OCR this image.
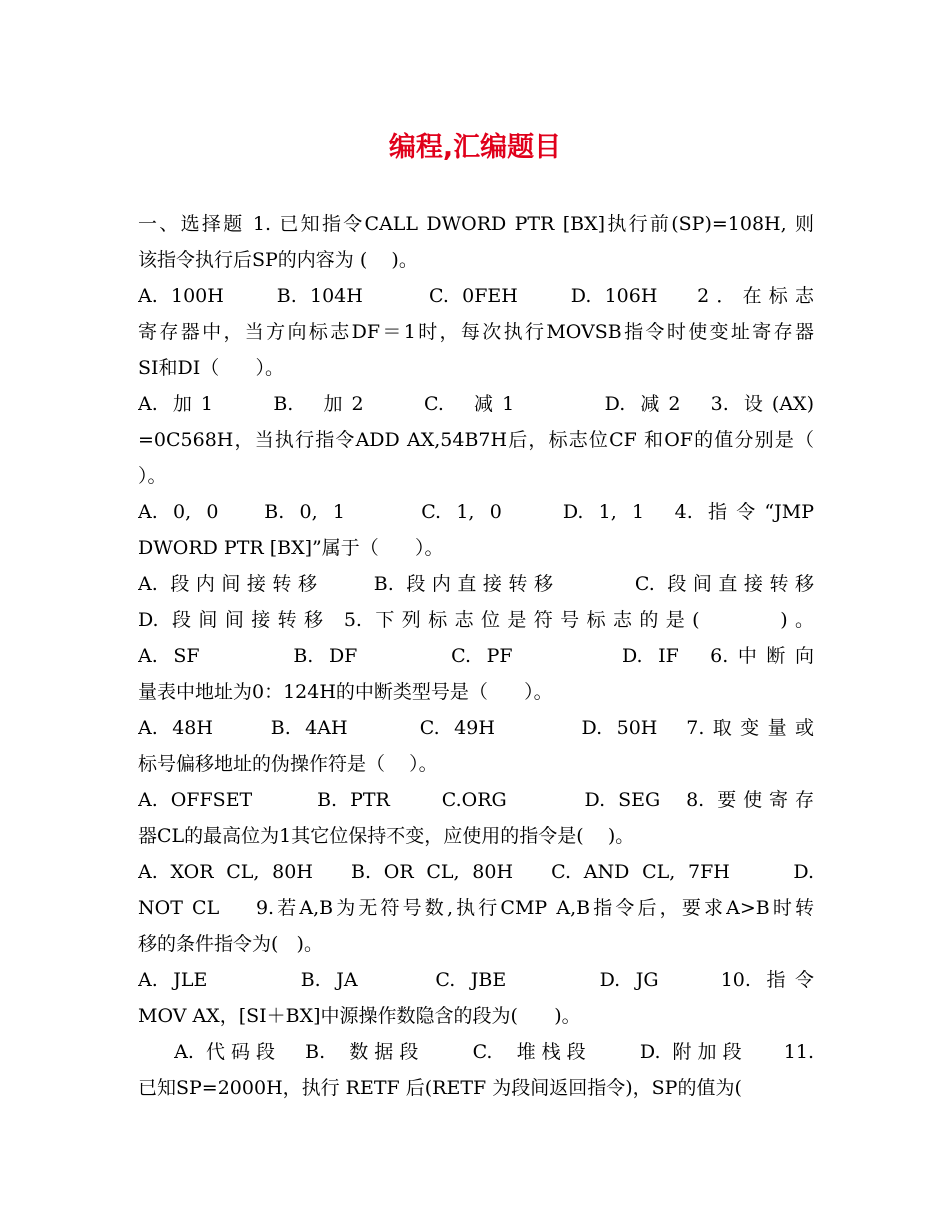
编程,汇编题目
一、选择题 1. 已知指令CALL DWORD PTR [BX]执行前(SP)=108H, 则
该指令执行后SP的内容为 (    )。
A. 100H    B. 104H     C. 0FEH    D. 106H   2．在标志
寄存器中，当方向标志DF＝1时，每次执行MOVSB指令时使变址寄存器
SI和DI（      ）。
A. 加1    B.  加2    C.  减1      D. 减2  3. 设(AX)
=0C568H，当执行指令ADD AX,54B7H后，标志位CF 和OF的值分别是（
）。
A. 0, 0   B. 0, 1     C. 1, 0    D. 1, 1  4. 指令“JMP
DWORD PTR [BX]”属于（      ）。
A. 段内间接转移    B. 段内直接转移      C. 段间直接转移
D. 段间间接转移 5. 下列标志位是符号标志的是(      )。
A. SF      B. DF      C. PF       D. IF  6.中断向
量表中地址为0：124H的中断类型号是（      ）。
A. 48H    B. 4AH     C. 49H      D. 50H  7.取变量或
标号偏移地址的伪操作符是（    ）。
A. OFFSET     B. PTR    C.ORG      D. SEG  8. 要使寄存
器CL的最高位为1其它位保持不变，应使用的指令是(    )。
A. XOR CL, 80H   B. OR CL, 80H   C. AND CL, 7FH     D.
NOT CL    9.若A,B为无符号数,执行CMP A,B指令后，要求A>B时转
移的条件指令为(   )。
A. JLE      B. JA     C. JBE      D. JG    10. 指令
MOV AX，[SI＋BX]中源操作数隐含的段为(      )。
A. 代码段  B.  数据段    C.  堆栈段    D. 附加段   11.
已知SP=2000H，执行 RETF 后(RETF 为段间返回指令)，SP的值为(
